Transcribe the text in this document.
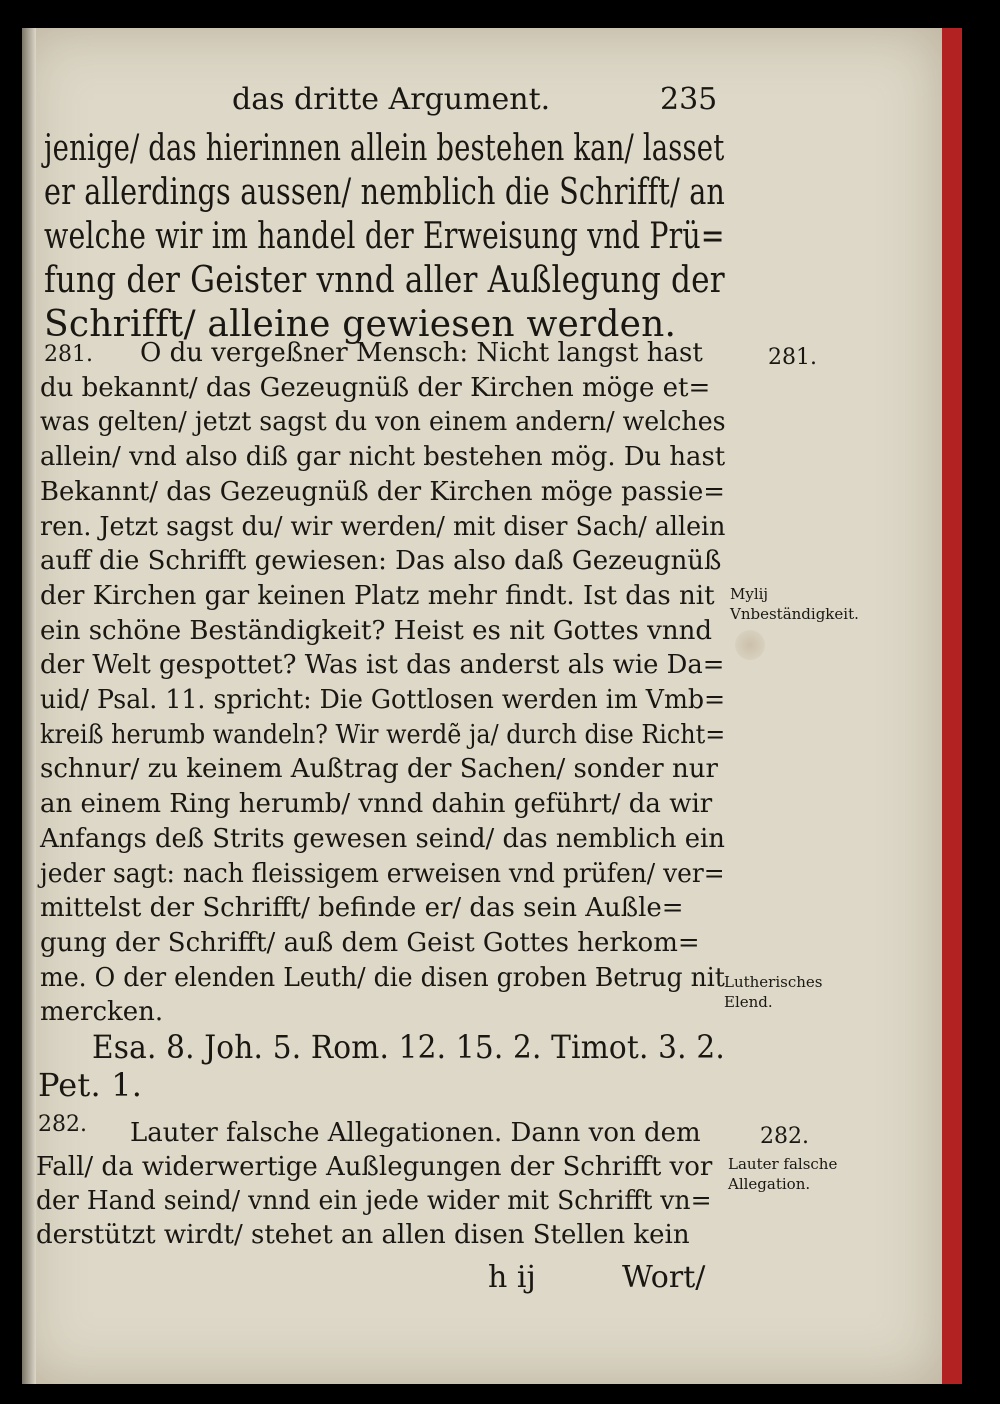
das dritte Argument.	235
jenige/ das hierinnen allein bestehen kan/ lasset
er allerdings aussen/ nemblich die Schrifft/ an
welche wir im handel der Erweisung vnd Prü=
fung der Geister vnnd aller Außlegung der
Schrifft/ alleine gewiesen werden.
281.	281.
O du vergeßner Mensch: Nicht langst hast
du bekannt/ das Gezeugnüß der Kirchen möge et=
was gelten/ jetzt sagst du von einem andern/ welches
allein/ vnd also diß gar nicht bestehen mög. Du hast
Bekannt/ das Gezeugnüß der Kirchen möge passie=
ren. Jetzt sagst du/ wir werden/ mit diser Sach/ allein
auff die Schrifft gewiesen: Das also daß Gezeugnüß
der Kirchen gar keinen Platz mehr findt. Ist das nit
ein schöne Beständigkeit? Heist es nit Gottes vnnd
der Welt gespottet? Was ist das anderst als wie Da=
uid/ Psal. 11. spricht: Die Gottlosen werden im Vmb=
kreiß herumb wandeln? Wir werdẽ ja/ durch dise Richt=
schnur/ zu keinem Außtrag der Sachen/ sonder nur
an einem Ring herumb/ vnnd dahin geführt/ da wir
Anfangs deß Strits gewesen seind/ das nemblich ein
jeder sagt: nach fleissigem erweisen vnd prüfen/ ver=
mittelst der Schrifft/ befinde er/ das sein Außle=
gung der Schrifft/ auß dem Geist Gottes herkom=
me. O der elenden Leuth/ die disen groben Betrug nit
mercken.
Mylij Vnbeständigkeit.
Lutherisches Elend.
Esa. 8. Joh. 5. Rom. 12. 15. 2. Timot. 3. 2.
Pet. 1.
282.	282.
Lauter falsche Allegationen. Dann von dem
Fall/ da widerwertige Außlegungen der Schrifft vor
der Hand seind/ vnnd ein jede wider mit Schrifft vn=
derstützt wirdt/ stehet an allen disen Stellen kein
Lauter falsche Allegation.
h ij	Wort/
